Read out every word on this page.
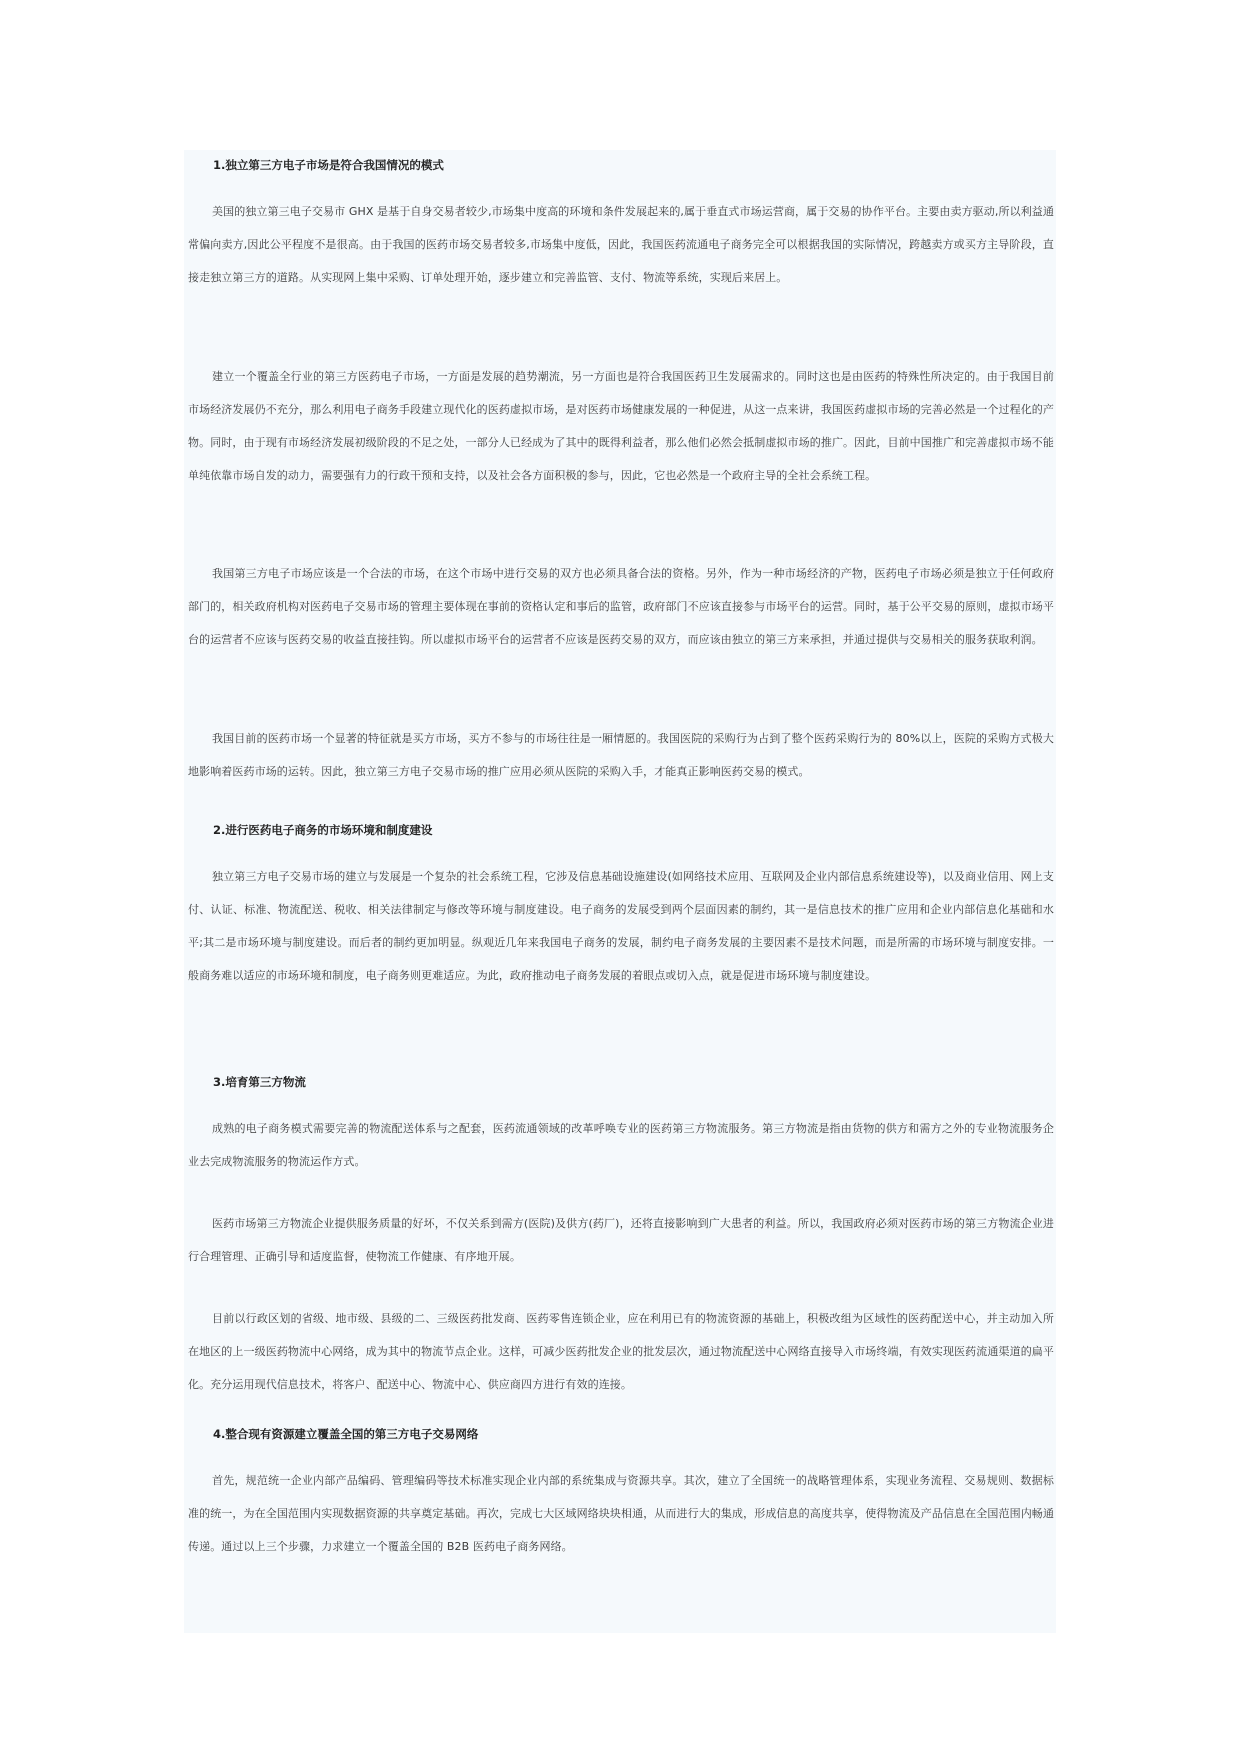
1.独立第三方电子市场是符合我国情况的模式
美国的独立第三电子交易市 GHX 是基于自身交易者较少,市场集中度高的环境和条件发展起来的,属于垂直式市场运营商，属于交易的协作平台。主要由卖方驱动,所以利益通常偏向卖方,因此公平程度不是很高。由于我国的医药市场交易者较多,市场集中度低，因此，我国医药流通电子商务完全可以根据我国的实际情况，跨越卖方或买方主导阶段，直接走独立第三方的道路。从实现网上集中采购、订单处理开始，逐步建立和完善监管、支付、物流等系统，实现后来居上。
建立一个覆盖全行业的第三方医药电子市场，一方面是发展的趋势潮流，另一方面也是符合我国医药卫生发展需求的。同时这也是由医药的特殊性所决定的。由于我国目前市场经济发展仍不充分，那么利用电子商务手段建立现代化的医药虚拟市场，是对医药市场健康发展的一种促进，从这一点来讲，我国医药虚拟市场的完善必然是一个过程化的产物。同时，由于现有市场经济发展初级阶段的不足之处，一部分人已经成为了其中的既得利益者，那么他们必然会抵制虚拟市场的推广。因此，目前中国推广和完善虚拟市场不能单纯依靠市场自发的动力，需要强有力的行政干预和支持，以及社会各方面积极的参与，因此，它也必然是一个政府主导的全社会系统工程。
我国第三方电子市场应该是一个合法的市场，在这个市场中进行交易的双方也必须具备合法的资格。另外，作为一种市场经济的产物，医药电子市场必须是独立于任何政府部门的，相关政府机构对医药电子交易市场的管理主要体现在事前的资格认定和事后的监管，政府部门不应该直接参与市场平台的运营。同时，基于公平交易的原则，虚拟市场平台的运营者不应该与医药交易的收益直接挂钩。所以虚拟市场平台的运营者不应该是医药交易的双方，而应该由独立的第三方来承担，并通过提供与交易相关的服务获取利润。
我国目前的医药市场一个显著的特征就是买方市场，买方不参与的市场往往是一厢情愿的。我国医院的采购行为占到了整个医药采购行为的 80%以上，医院的采购方式极大地影响着医药市场的运转。因此，独立第三方电子交易市场的推广应用必须从医院的采购入手，才能真正影响医药交易的模式。
2.进行医药电子商务的市场环境和制度建设
独立第三方电子交易市场的建立与发展是一个复杂的社会系统工程，它涉及信息基础设施建设(如网络技术应用、互联网及企业内部信息系统建设等)，以及商业信用、网上支付、认证、标准、物流配送、税收、相关法律制定与修改等环境与制度建设。电子商务的发展受到两个层面因素的制约，其一是信息技术的推广应用和企业内部信息化基础和水平;其二是市场环境与制度建设。而后者的制约更加明显。纵观近几年来我国电子商务的发展，制约电子商务发展的主要因素不是技术问题，而是所需的市场环境与制度安排。一般商务难以适应的市场环境和制度，电子商务则更难适应。为此，政府推动电子商务发展的着眼点或切入点，就是促进市场环境与制度建设。
3.培育第三方物流
成熟的电子商务模式需要完善的物流配送体系与之配套，医药流通领域的改革呼唤专业的医药第三方物流服务。第三方物流是指由货物的供方和需方之外的专业物流服务企业去完成物流服务的物流运作方式。
医药市场第三方物流企业提供服务质量的好坏，不仅关系到需方(医院)及供方(药厂)，还将直接影响到广大患者的利益。所以，我国政府必须对医药市场的第三方物流企业进行合理管理、正确引导和适度监督，使物流工作健康、有序地开展。
目前以行政区划的省级、地市级、县级的二、三级医药批发商、医药零售连锁企业，应在利用已有的物流资源的基础上，积极改组为区域性的医药配送中心，并主动加入所在地区的上一级医药物流中心网络，成为其中的物流节点企业。这样，可减少医药批发企业的批发层次，通过物流配送中心网络直接导入市场终端，有效实现医药流通渠道的扁平化。充分运用现代信息技术，将客户、配送中心、物流中心、供应商四方进行有效的连接。
4.整合现有资源建立覆盖全国的第三方电子交易网络
首先，规范统一企业内部产品编码、管理编码等技术标准实现企业内部的系统集成与资源共享。其次，建立了全国统一的战略管理体系，实现业务流程、交易规则、数据标准的统一，为在全国范围内实现数据资源的共享奠定基础。再次，完成七大区域网络块块相通，从而进行大的集成，形成信息的高度共享，使得物流及产品信息在全国范围内畅通传递。通过以上三个步骤，力求建立一个覆盖全国的 B2B 医药电子商务网络。
